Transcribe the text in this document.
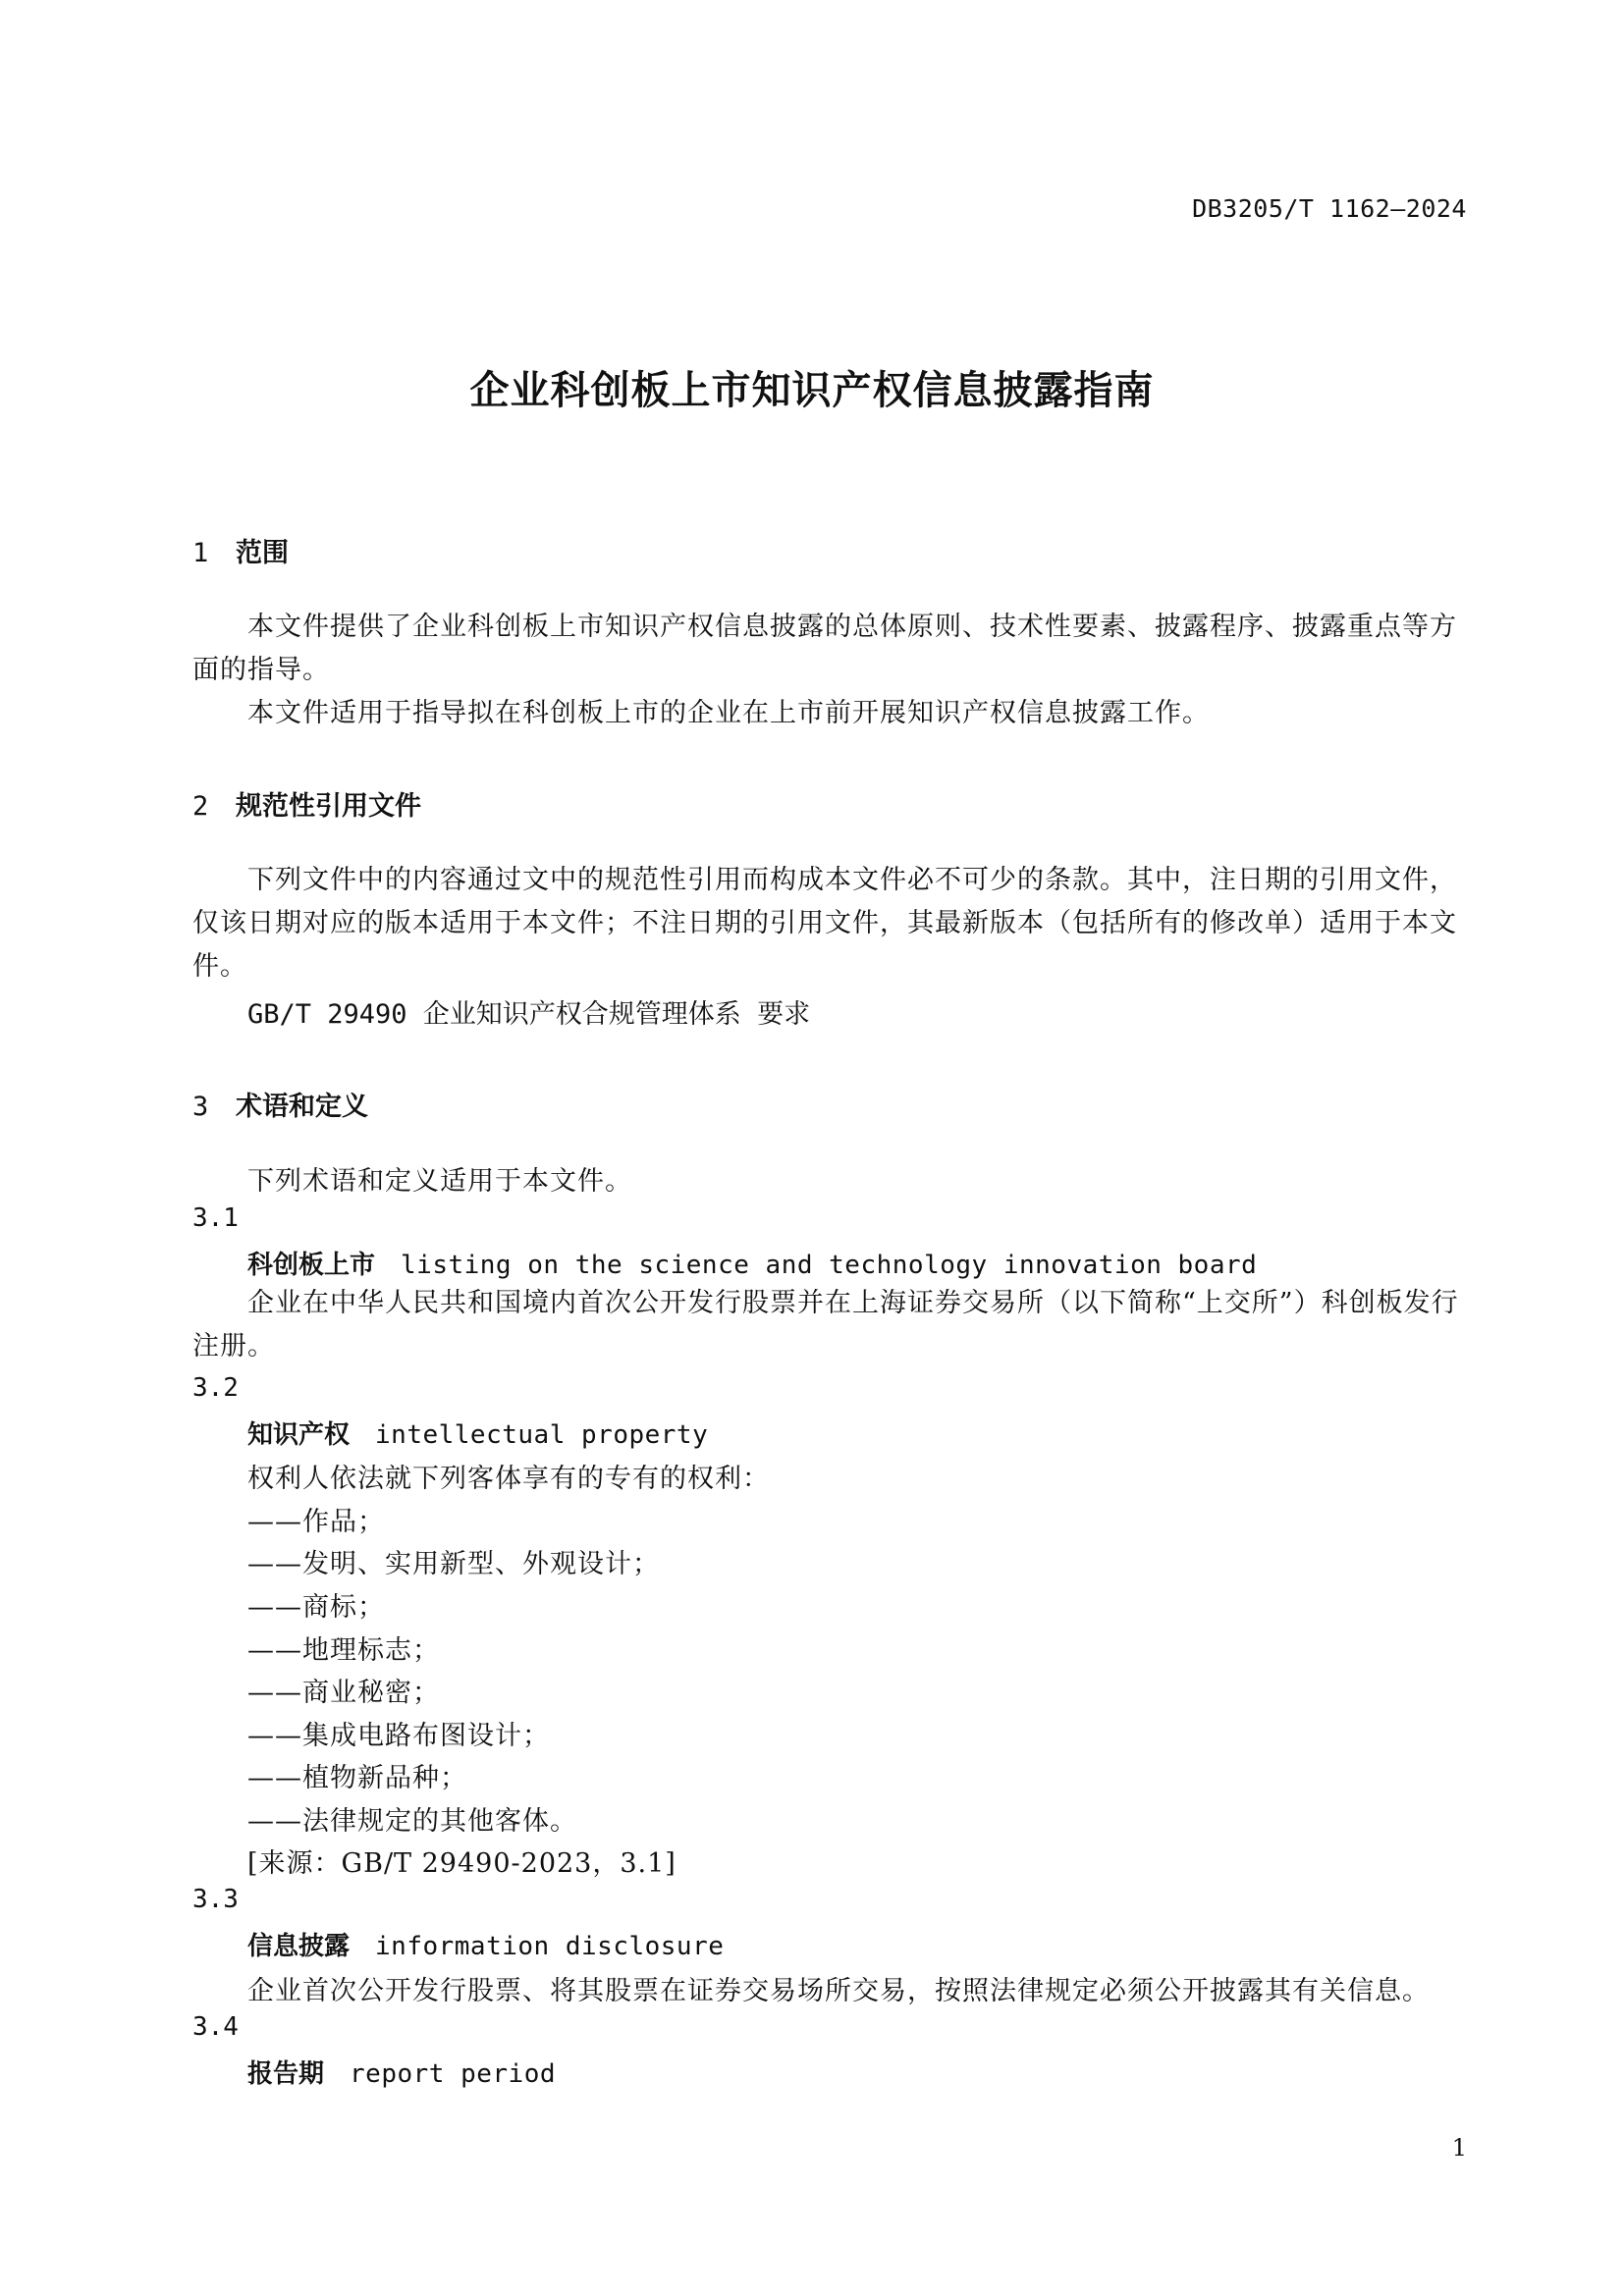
DB3205/T 1162—2024
企业科创板上市知识产权信息披露指南
1 范围
本文件提供了企业科创板上市知识产权信息披露的总体原则、技术性要素、披露程序、披露重点等方面的指导。
本文件适用于指导拟在科创板上市的企业在上市前开展知识产权信息披露工作。
2 规范性引用文件
下列文件中的内容通过文中的规范性引用而构成本文件必不可少的条款。其中，注日期的引用文件，仅该日期对应的版本适用于本文件；不注日期的引用文件，其最新版本（包括所有的修改单）适用于本文件。
GB/T 29490 企业知识产权合规管理体系 要求
3 术语和定义
下列术语和定义适用于本文件。
3.1
科创板上市 listing on the science and technology innovation board
企业在中华人民共和国境内首次公开发行股票并在上海证券交易所（以下简称“上交所”）科创板发行注册。
3.2
知识产权 intellectual property
权利人依法就下列客体享有的专有的权利：
——作品；
——发明、实用新型、外观设计；
——商标；
——地理标志；
——商业秘密；
——集成电路布图设计；
——植物新品种；
——法律规定的其他客体。
[来源：GB/T 29490-2023，3.1]
3.3
信息披露 information disclosure
企业首次公开发行股票、将其股票在证券交易场所交易，按照法律规定必须公开披露其有关信息。
3.4
报告期 report period
1
